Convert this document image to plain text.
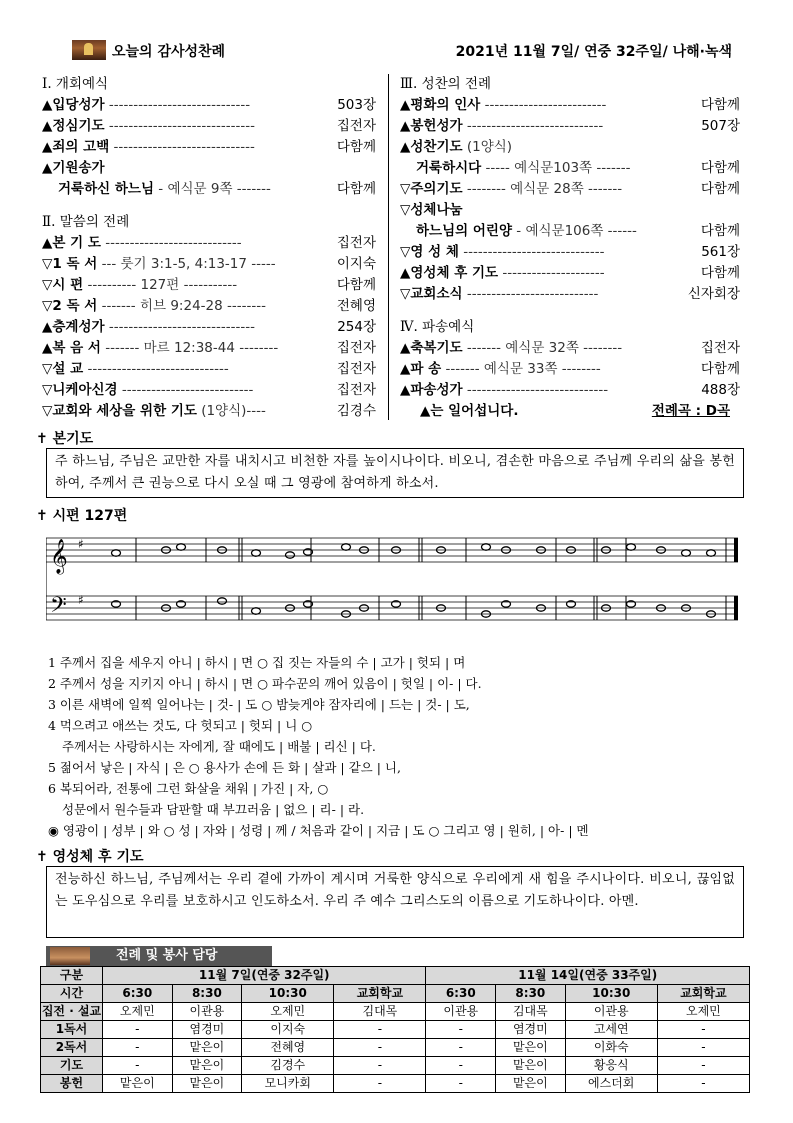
오늘의 감사성찬례	2021년 11월 7일/ 연중 32주일/ 나해·녹색
Ⅰ. 개회예식
▲입당성가 -----------------------------	503장
▲정심기도 ------------------------------	집전자
▲죄의 고백 -----------------------------	다함께
▲기원송가
거룩하신 하느님 - 예식문 9쪽 -------	다함께
Ⅱ. 말씀의 전례
▲본 기 도 ----------------------------	집전자
▽1 독 서 --- 룻기 3:1-5, 4:13-17 -----	이지숙
▽시 편 ---------- 127편 -----------	다함께
▽2 독 서 ------- 히브 9:24-28 --------	전혜영
▲층계성가 ------------------------------	254장
▲복 음 서 ------- 마르 12:38-44 --------	집전자
▽설 교 -----------------------------	집전자
▽니케아신경 ---------------------------	집전자
▽교회와 세상을 위한 기도 (1양식)----	김경수
Ⅲ. 성찬의 전례
▲평화의 인사 -------------------------	다함께
▲봉헌성가 ----------------------------	507장
▲성찬기도 (1양식)
거룩하시다 ----- 예식문103쪽 -------	다함께
▽주의기도 -------- 예식문 28쪽 -------	다함께
▽성체나눔
하느님의 어린양 - 예식문106쪽 ------	다함께
▽영 성 체 -----------------------------	561장
▲영성체 후 기도 ---------------------	다함께
▽교회소식 ---------------------------	신자회장
Ⅳ. 파송예식
▲축복기도 ------- 예식문 32쪽 --------	집전자
▲파 송 ------- 예식문 33쪽 --------	다함께
▲파송성가 -----------------------------	488장
▲는 일어섭니다.	전례곡 : D곡
✝ 본기도
주 하느님, 주님은 교만한 자를 내치시고 비천한 자를 높이시나이다. 비오니, 겸손한 마음으로 주님께 우리의 삶을 봉헌하여, 주께서 큰 권능으로 다시 오실 때 그 영광에 참여하게 하소서.
✝ 시편 127편
𝄞
𝄢
♯
♯
1 주께서 집을 세우지 아니 | 하시 | 면 ○ 집 짓는 자들의 수 | 고가 | 헛되 | 며
2 주께서 성을 지키지 아니 | 하시 | 면 ○ 파수꾼의 깨어 있음이 | 헛일 | 이- | 다.
3 이른 새벽에 일찍 일어나는 | 것- | 도 ○ 밤늦게야 잠자리에 | 드는 | 것- | 도,
4 먹으려고 애쓰는 것도, 다 헛되고 | 헛되 | 니 ○
주께서는 사랑하시는 자에게, 잘 때에도 | 배불 | 리신 | 다.
5 젊어서 낳은 | 자식 | 은 ○ 용사가 손에 든 화 | 살과 | 같으 | 니,
6 복되어라, 전통에 그런 화살을 채워 | 가진 | 자, ○
성문에서 원수들과 담판할 때 부끄러움 | 없으 | 리- | 라.
◉ 영광이 | 성부 | 와 ○ 성 | 자와 | 성령 | 께 / 처음과 같이 | 지금 | 도 ○ 그리고 영 | 원히, | 아- | 멘
✝ 영성체 후 기도
전능하신 하느님, 주님께서는 우리 곁에 가까이 계시며 거룩한 양식으로 우리에게 새 힘을 주시나이다. 비오니, 끊임없는 도우심으로 우리를 보호하시고 인도하소서. 우리 주 예수 그리스도의 이름으로 기도하나이다. 아멘.
전례 및 봉사 담당
구분	11월 7일(연중 32주일)				11월 14일(연중 33주일)			
시간	6:30	8:30	10:30	교회학교	6:30	8:30	10:30	교회학교
집전 · 설교	오제민	이관용	오제민	김대목	이관용	김대목	이관용	오제민
1독서	-	염경미	이지숙	-	-	염경미	고세연	-
2독서	-	맡은이	전혜영	-	-	맡은이	이화숙	-
기도	-	맡은이	김경수	-	-	맡은이	황응식	-
봉헌	맡은이	맡은이	모니카회	-	-	맡은이	에스더회	-
